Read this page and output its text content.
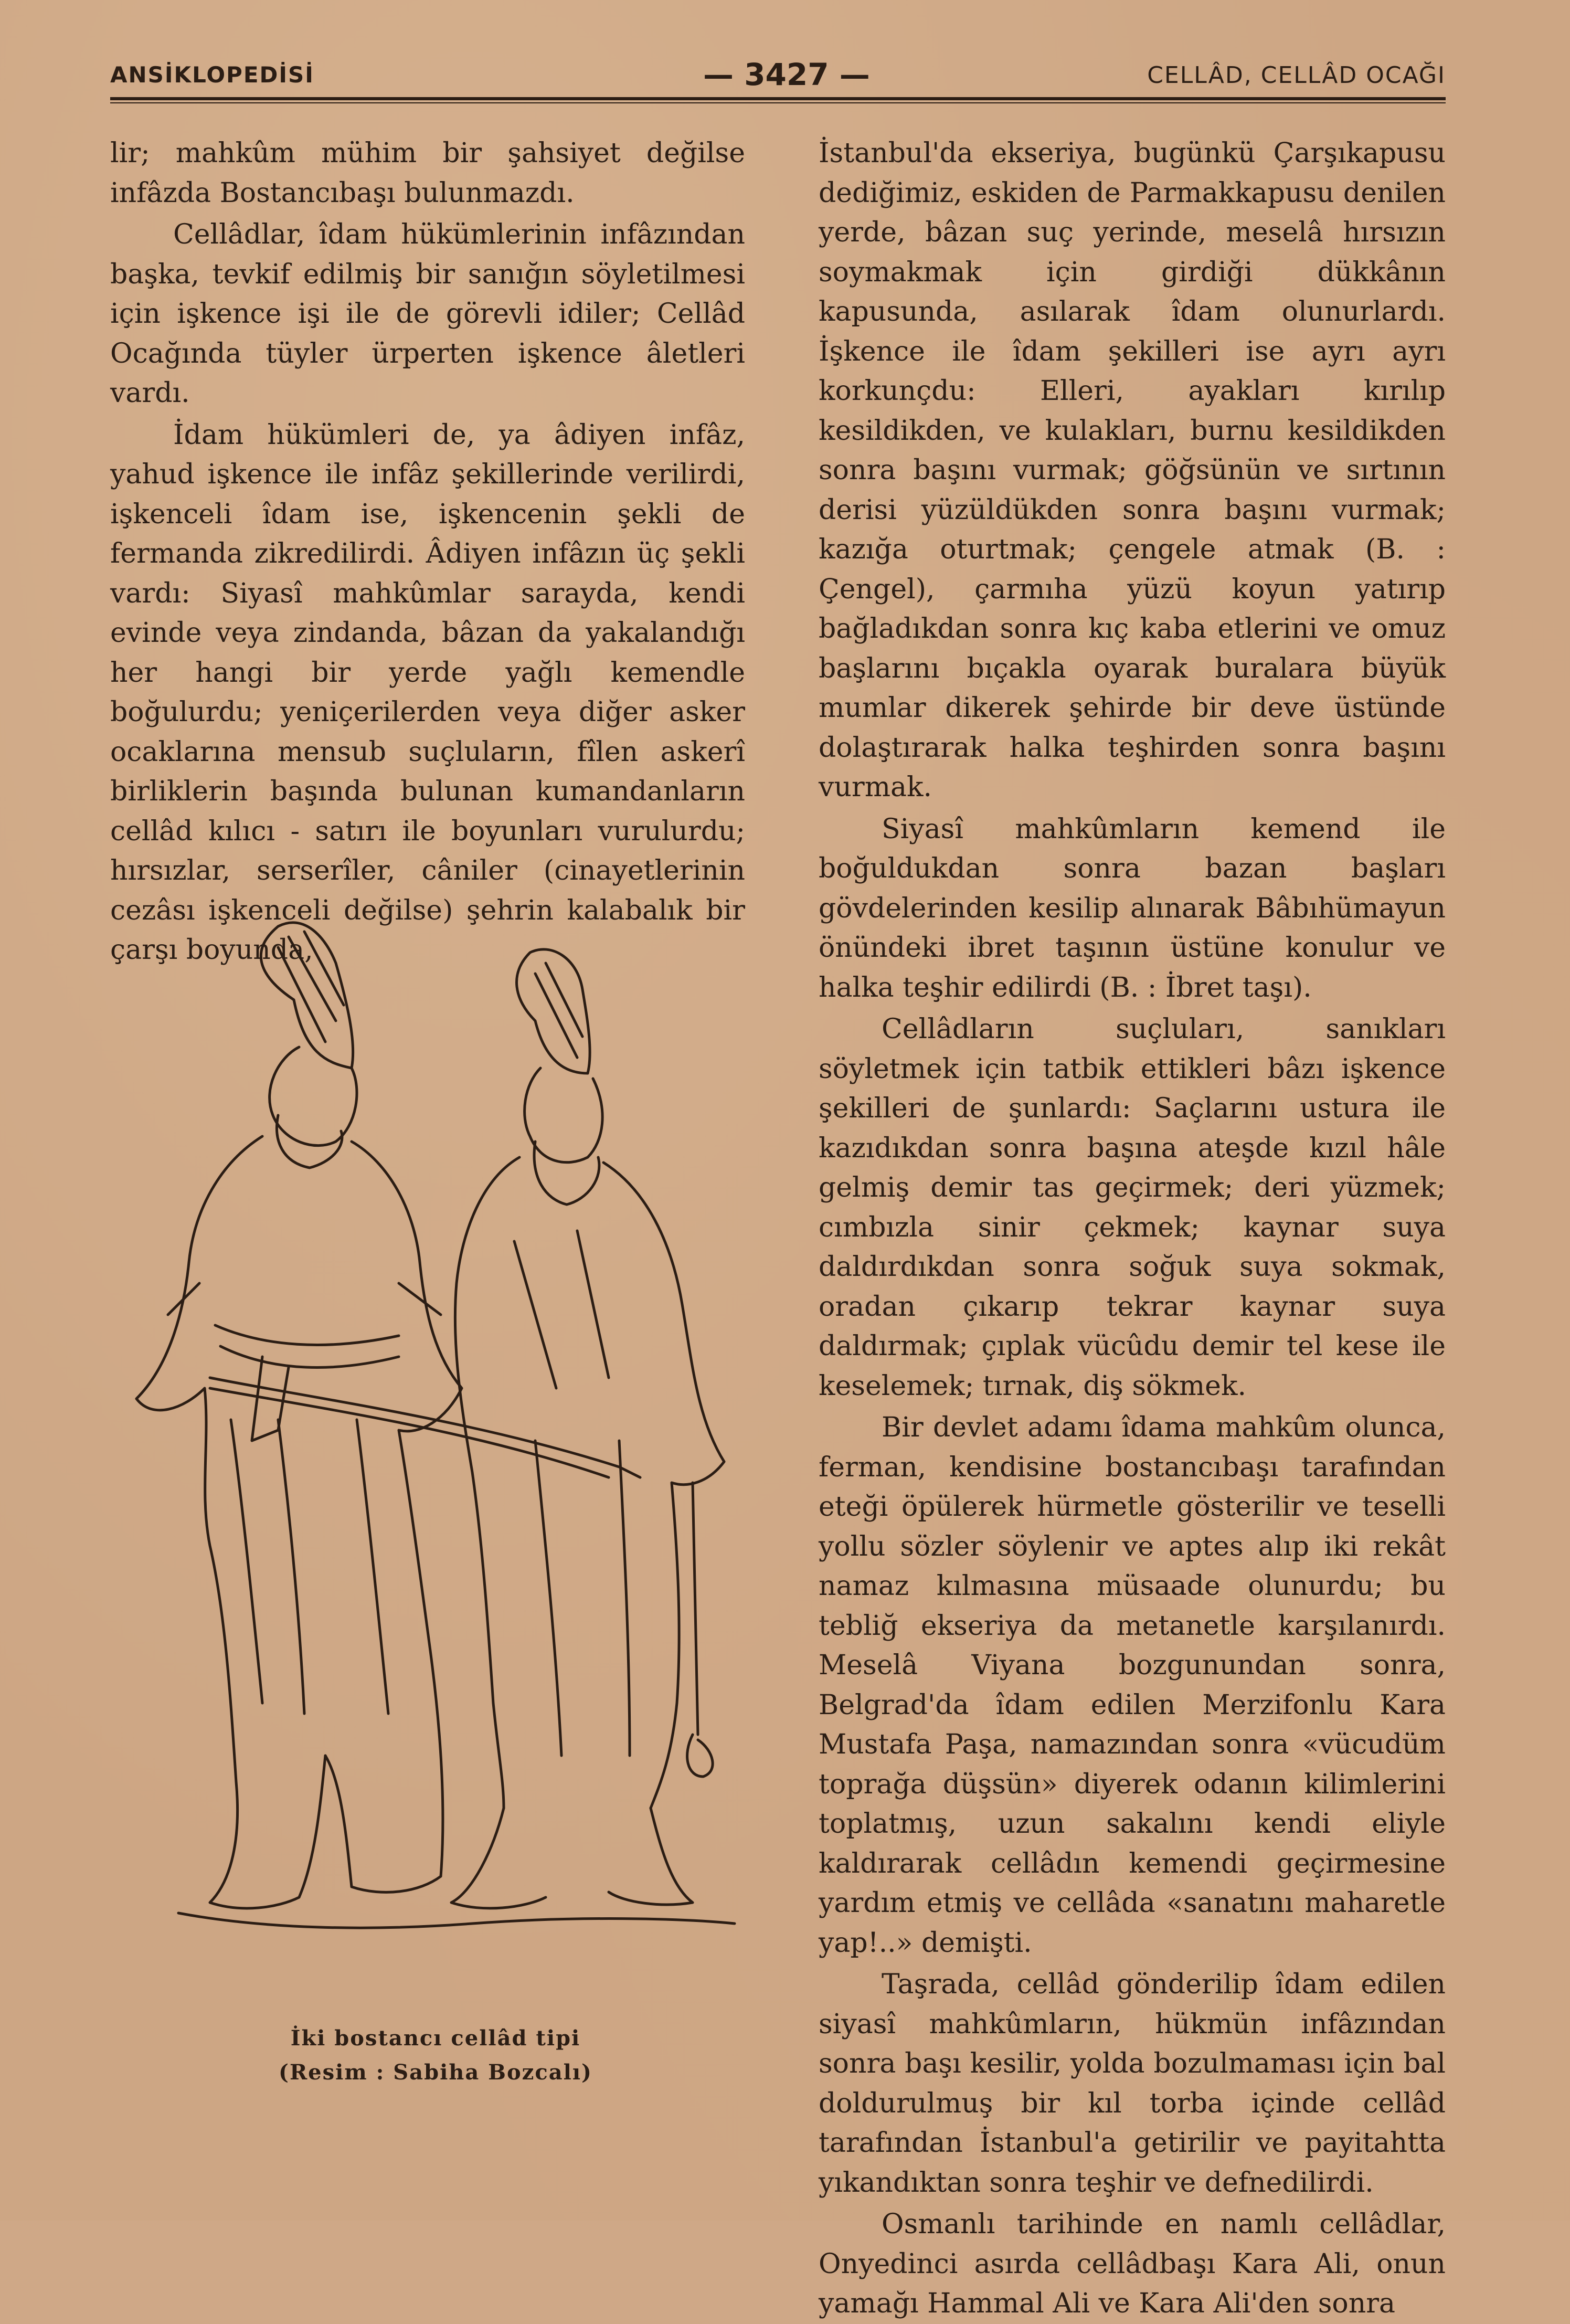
ANSİKLOPEDİSİ	— 3427 —	CELLÂD, CELLÂD OCAĞI

lir; mahkûm mühim bir şahsiyet değilse infâzda Bostancıbaşı bulunmazdı.

Cellâdlar, îdam hükümlerinin infâzından başka, tevkif edilmiş bir sanığın söyletilmesi için işkence işi ile de görevli idiler; Cellâd Ocağında tüyler ürperten işkence âletleri vardı.

İdam hükümleri de, ya âdiyen infâz, yahud işkence ile infâz şekillerinde verilirdi, işkenceli îdam ise, işkencenin şekli de fermanda zikredilirdi. Âdiyen infâzın üç şekli vardı: Siyasî mahkûmlar sarayda, kendi evinde veya zindanda, bâzan da yakalandığı her hangi bir yerde yağlı kemendle boğulurdu; yeniçerilerden veya diğer asker ocaklarına mensub suçluların, fîlen askerî birliklerin başında bulunan kumandanların cellâd kılıcı - satırı ile boyunları vurulurdu; hırsızlar, serserîler, câniler (cinayetlerinin cezâsı işkenceli değilse) şehrin kalabalık bir çarşı boyunda,

İstanbul'da ekseriya, bugünkü Çarşıkapusu dediğimiz, eskiden de Parmakkapusu denilen yerde, bâzan suç yerinde, meselâ hırsızın soymakmak için girdiği dükkânın kapusunda, asılarak îdam olunurlardı. İşkence ile îdam şekilleri ise ayrı ayrı korkunçdu: Elleri, ayakları kırılıp kesildikden, ve kulakları, burnu kesildikden sonra başını vurmak; göğsünün ve sırtının derisi yüzüldükden sonra başını vurmak; kazığa oturtmak; çengele atmak (B. : Çengel), çarmıha yüzü koyun yatırıp bağladıkdan sonra kıç kaba etlerini ve omuz başlarını bıçakla oyarak buralara büyük mumlar dikerek şehirde bir deve üstünde dolaştırarak halka teşhirden sonra başını vurmak.

Siyasî mahkûmların kemend ile boğuldukdan sonra bazan başları gövdelerinden kesilip alınarak Bâbıhümayun önündeki ibret taşının üstüne konulur ve halka teşhir edilirdi (B. : İbret taşı).

Cellâdların suçluları, sanıkları söyletmek için tatbik ettikleri bâzı işkence şekilleri de şunlardı: Saçlarını ustura ile kazıdıkdan sonra başına ateşde kızıl hâle gelmiş demir tas geçirmek; deri yüzmek; cımbızla sinir çekmek; kaynar suya daldırdıkdan sonra soğuk suya sokmak, oradan çıkarıp tekrar kaynar suya daldırmak; çıplak vücûdu demir tel kese ile keselemek; tırnak, diş sökmek.

Bir devlet adamı îdama mahkûm olunca, ferman, kendisine bostancıbaşı tarafından eteği öpülerek hürmetle gösterilir ve teselli yollu sözler söylenir ve aptes alıp iki rekât namaz kılmasına müsaade olunurdu; bu tebliğ ekseriya da metanetle karşılanırdı. Meselâ Viyana bozgunundan sonra, Belgrad'da îdam edilen Merzifonlu Kara Mustafa Paşa, namazından sonra «vücudüm toprağa düşsün» diyerek odanın kilimlerini toplatmış, uzun sakalını kendi eliyle kaldırarak cellâdın kemendi geçirmesine yardım etmiş ve cellâda «sanatını maharetle yap!..» demişti.

Taşrada, cellâd gönderilip îdam edilen siyasî mahkûmların, hükmün infâzından sonra başı kesilir, yolda bozulmaması için bal doldurulmuş bir kıl torba içinde cellâd tarafından İstanbul'a getirilir ve payitahtta yıkandıktan sonra teşhir ve defnedilirdi.

Osmanlı tarihinde en namlı cellâdlar, Onyedinci asırda cellâdbaşı Kara Ali, onun yamağı Hammal Ali ve Kara Ali'den sonra

İki bostancı cellâd tipi
(Resim : Sabiha Bozcalı)
